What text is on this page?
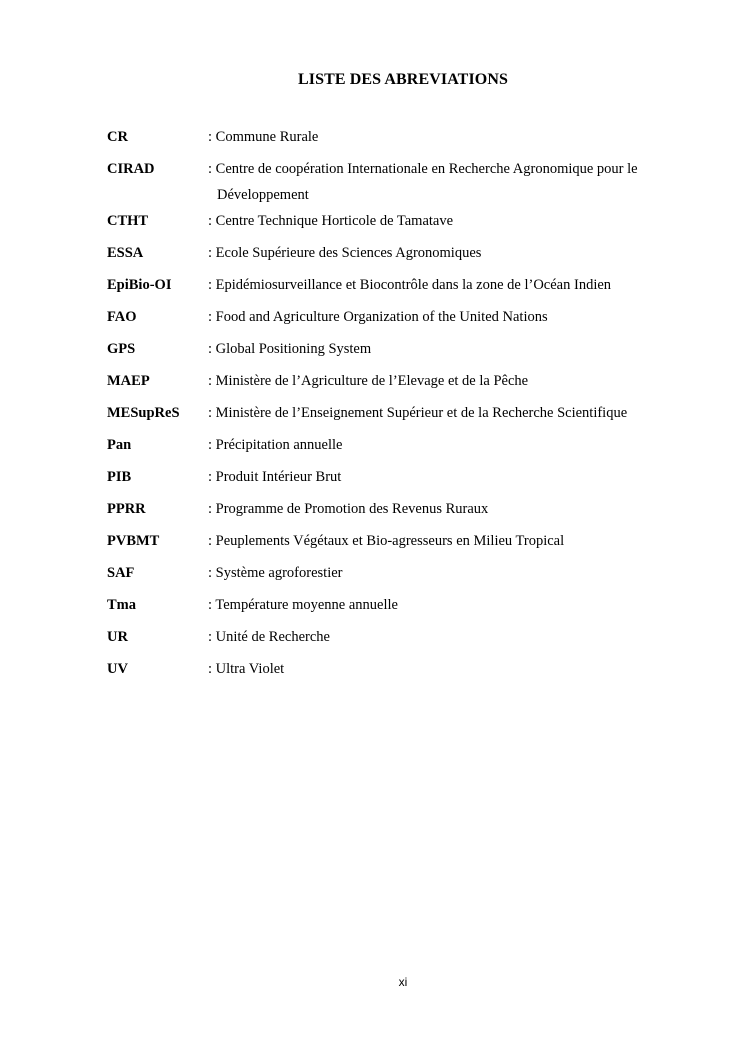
LISTE DES ABREVIATIONS
CR	: Commune Rurale
CIRAD	: Centre de coopération Internationale en Recherche Agronomique pour le Développement
CTHT	: Centre Technique Horticole de Tamatave
ESSA	: Ecole Supérieure des Sciences Agronomiques
EpiBio-OI	: Epidémiosurveillance et Biocontrôle dans la zone de l’Océan Indien
FAO	: Food and Agriculture Organization of the United Nations
GPS	: Global Positioning System
MAEP	: Ministère de l’Agriculture de l’Elevage et de la Pêche
MESupReS	: Ministère de l’Enseignement Supérieur et de la Recherche Scientifique
Pan	: Précipitation annuelle
PIB	: Produit Intérieur Brut
PPRR	: Programme de Promotion des Revenus Ruraux
PVBMT	: Peuplements Végétaux et Bio-agresseurs en Milieu Tropical
SAF	: Système agroforestier
Tma	: Température moyenne annuelle
UR	: Unité de Recherche
UV	: Ultra Violet
xi
